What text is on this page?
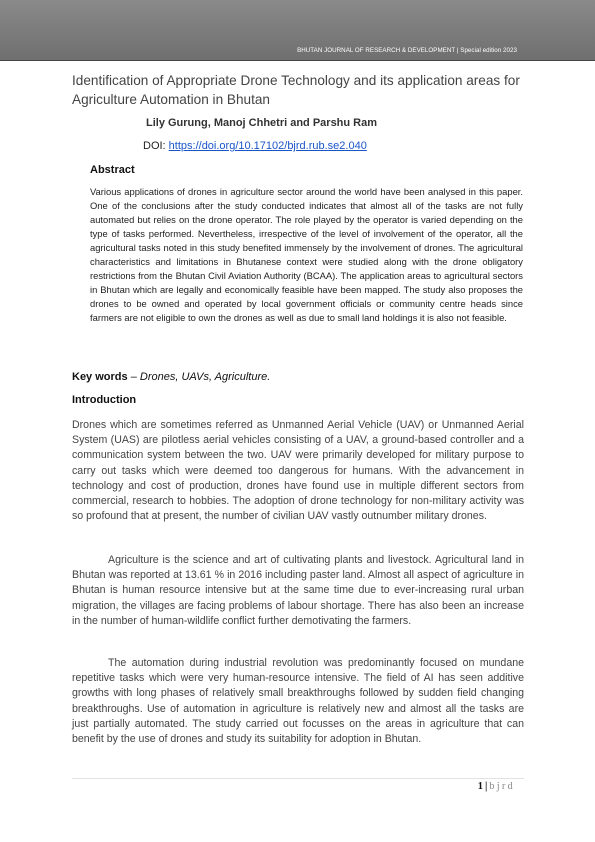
BHUTAN JOURNAL OF RESEARCH & DEVELOPMENT | Special edition 2023
Identification of Appropriate Drone Technology and its application areas for Agriculture Automation in Bhutan
Lily Gurung, Manoj Chhetri and Parshu Ram
DOI: https://doi.org/10.17102/bjrd.rub.se2.040
Abstract
Various applications of drones in agriculture sector around the world have been analysed in this paper. One of the conclusions after the study conducted indicates that almost all of the tasks are not fully automated but relies on the drone operator. The role played by the operator is varied depending on the type of tasks performed. Nevertheless, irrespective of the level of involvement of the operator, all the agricultural tasks noted in this study benefited immensely by the involvement of drones. The agricultural characteristics and limitations in Bhutanese context were studied along with the drone obligatory restrictions from the Bhutan Civil Aviation Authority (BCAA). The application areas to agricultural sectors in Bhutan which are legally and economically feasible have been mapped. The study also proposes the drones to be owned and operated by local government officials or community centre heads since farmers are not eligible to own the drones as well as due to small land holdings it is also not feasible.
Key words – Drones, UAVs, Agriculture.
Introduction
Drones which are sometimes referred as Unmanned Aerial Vehicle (UAV) or Unmanned Aerial System (UAS) are pilotless aerial vehicles consisting of a UAV, a ground-based controller and a communication system between the two. UAV were primarily developed for military purpose to carry out tasks which were deemed too dangerous for humans. With the advancement in technology and cost of production, drones have found use in multiple different sectors from commercial, research to hobbies. The adoption of drone technology for non-military activity was so profound that at present, the number of civilian UAV vastly outnumber military drones.
Agriculture is the science and art of cultivating plants and livestock. Agricultural land in Bhutan was reported at 13.61 % in 2016 including paster land. Almost all aspect of agriculture in Bhutan is human resource intensive but at the same time due to ever-increasing rural urban migration, the villages are facing problems of labour shortage. There has also been an increase in the number of human-wildlife conflict further demotivating the farmers.
The automation during industrial revolution was predominantly focused on mundane repetitive tasks which were very human-resource intensive. The field of AI has seen additive growths with long phases of relatively small breakthroughs followed by sudden field changing breakthroughs. Use of automation in agriculture is relatively new and almost all the tasks are just partially automated. The study carried out focusses on the areas in agriculture that can benefit by the use of drones and study its suitability for adoption in Bhutan.
1 | bjrd
